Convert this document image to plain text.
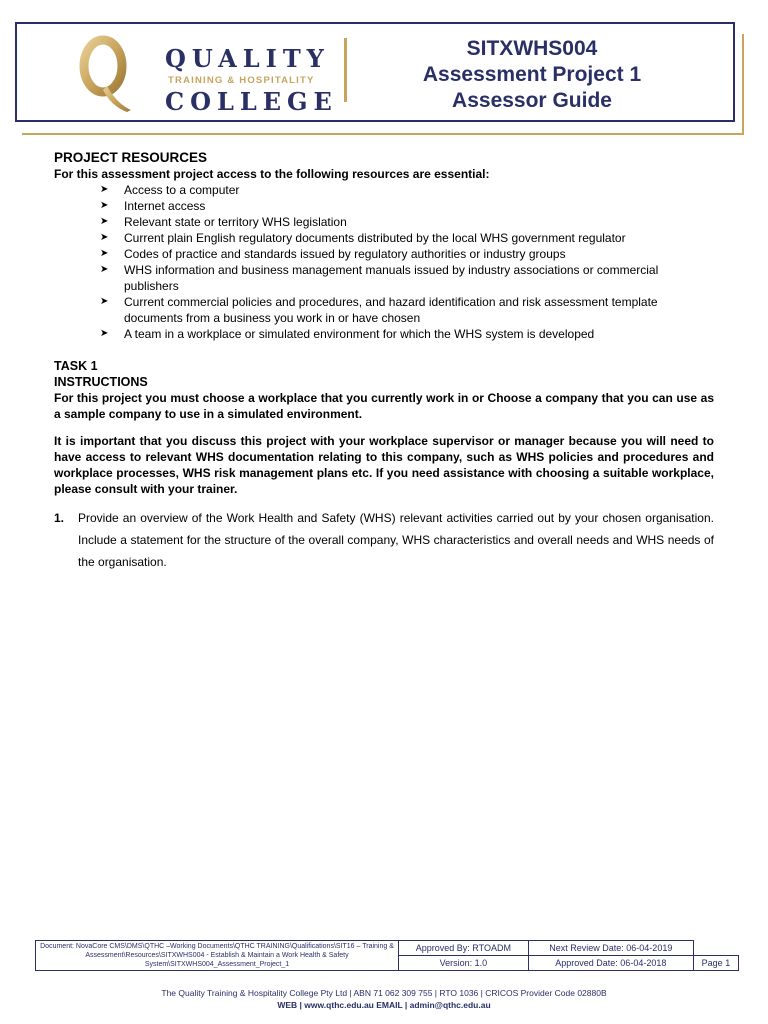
QUALITY
TRAINING & HOSPITALITY
COLLEGE
SITXWHS004
Assessment Project 1
Assessor Guide

PROJECT RESOURCES

For this assessment project access to the following resources are essential:
➤ Access to a computer
➤ Internet access
➤ Relevant state or territory WHS legislation
➤ Current plain English regulatory documents distributed by the local WHS government regulator
➤ Codes of practice and standards issued by regulatory authorities or industry groups
➤ WHS information and business management manuals issued by industry associations or commercial publishers
➤ Current commercial policies and procedures, and hazard identification and risk assessment template documents from a business you work in or have chosen
➤ A team in a workplace or simulated environment for which the WHS system is developed
TASK 1
INSTRUCTIONS
For this project you must choose a workplace that you currently work in or Choose a company that you can use as a sample company to use in a simulated environment.
It is important that you discuss this project with your workplace supervisor or manager because you will need to have access to relevant WHS documentation relating to this company, such as WHS policies and procedures and workplace processes, WHS risk management plans etc. If you need assistance with choosing a suitable workplace, please consult with your trainer.
1. Provide an overview of the Work Health and Safety (WHS) relevant activities carried out by your chosen organisation. Include a statement for the structure of the overall company, WHS characteristics and overall needs and WHS needs of the organisation.
Document: NovaCore CMS\DMS\QTHC –Working Documents\QTHC TRAINING\Qualifications\SIT16 – Training & Assessment\Resources\SITXWHS004 - Establish & Maintain a Work Health & Safety System\SITXWHS004_Assessment_Project_1	Approved By: RTOADM	Next Review Date: 06-04-2019	
	Version: 1.0	Approved Date: 06-04-2018	Page 1
The Quality Training & Hospitality College Pty Ltd | ABN 71 062 309 755 | RTO 1036 | CRICOS Provider Code 02880B
WEB | www.qthc.edu.au EMAIL | admin@qthc.edu.au
